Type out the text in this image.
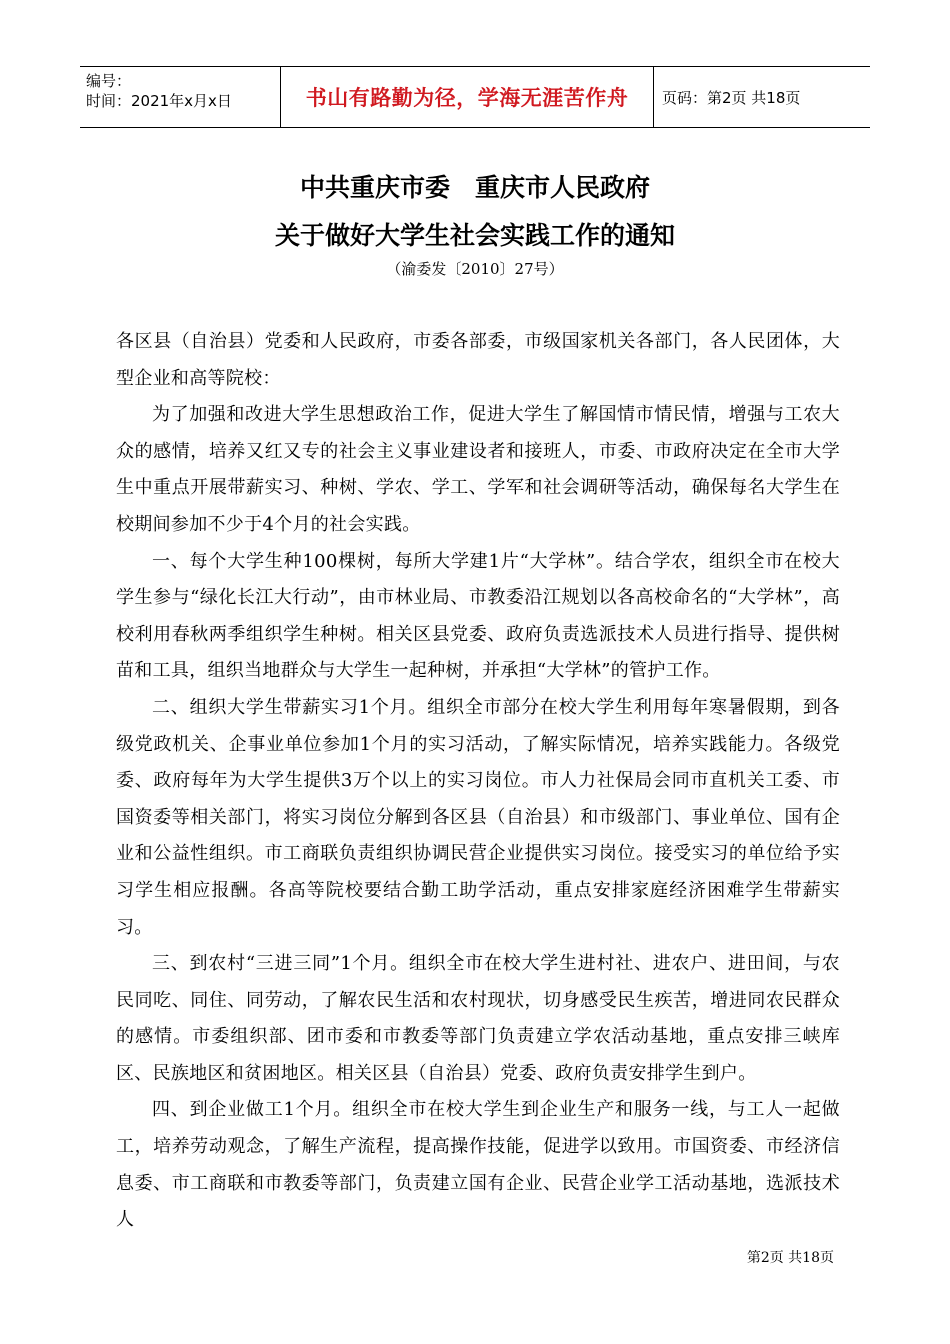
编号：
时间：2021年x月x日	书山有路勤为径，学海无涯苦作舟	页码：第2页 共18页
中共重庆市委　重庆市人民政府
关于做好大学生社会实践工作的通知
（渝委发〔2010〕27号）

各区县（自治县）党委和人民政府，市委各部委，市级国家机关各部门，各人民团体，大型企业和高等院校：

为了加强和改进大学生思想政治工作，促进大学生了解国情市情民情，增强与工农大众的感情，培养又红又专的社会主义事业建设者和接班人，市委、市政府决定在全市大学生中重点开展带薪实习、种树、学农、学工、学军和社会调研等活动，确保每名大学生在校期间参加不少于4个月的社会实践。

一、每个大学生种100棵树，每所大学建1片“大学林”。结合学农，组织全市在校大学生参与“绿化长江大行动”，由市林业局、市教委沿江规划以各高校命名的“大学林”，高校利用春秋两季组织学生种树。相关区县党委、政府负责选派技术人员进行指导、提供树苗和工具，组织当地群众与大学生一起种树，并承担“大学林”的管护工作。

二、组织大学生带薪实习1个月。组织全市部分在校大学生利用每年寒暑假期，到各级党政机关、企事业单位参加1个月的实习活动，了解实际情况，培养实践能力。各级党委、政府每年为大学生提供3万个以上的实习岗位。市人力社保局会同市直机关工委、市国资委等相关部门，将实习岗位分解到各区县（自治县）和市级部门、事业单位、国有企业和公益性组织。市工商联负责组织协调民营企业提供实习岗位。接受实习的单位给予实习学生相应报酬。各高等院校要结合勤工助学活动，重点安排家庭经济困难学生带薪实习。

三、到农村“三进三同”1个月。组织全市在校大学生进村社、进农户、进田间，与农民同吃、同住、同劳动，了解农民生活和农村现状，切身感受民生疾苦，增进同农民群众的感情。市委组织部、团市委和市教委等部门负责建立学农活动基地，重点安排三峡库区、民族地区和贫困地区。相关区县（自治县）党委、政府负责安排学生到户。

四、到企业做工1个月。组织全市在校大学生到企业生产和服务一线，与工人一起做工，培养劳动观念，了解生产流程，提高操作技能，促进学以致用。市国资委、市经济信息委、市工商联和市教委等部门，负责建立国有企业、民营企业学工活动基地，选派技术人

第2页 共18页
